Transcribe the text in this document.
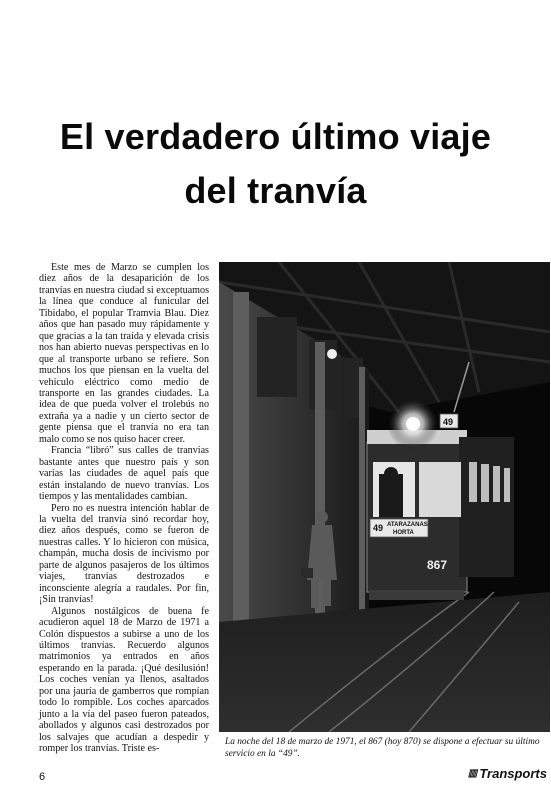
El verdadero último viaje
del tranvía

Este mes de Marzo se cumplen los diez años de la desaparición de los tranvías en nuestra ciudad si exceptuamos la línea que conduce al funicular del Tibidabo, el popular Tramvia Blau. Diez años que han pasado muy rápidamente y que gracias a la tan traída y elevada crisis nos han abierto nuevas perspectivas en lo que al transporte urbano se refiere. Son muchos los que piensan en la vuelta del vehículo eléctrico como medio de transporte en las grandes ciudades. La idea de que pueda volver el trolebús no extraña ya a nadie y un cierto sector de gente piensa que el tranvía no era tan malo como se nos quiso hacer creer.

Francia “libró” sus calles de tranvías bastante antes que nuestro país y son varias las ciudades de aquel país que están instalando de nuevo tranvías. Los tiempos y las mentalidades cambian.

Pero no es nuestra intención hablar de la vuelta del tranvía sinó recordar hoy, diez años después, como se fueron de nuestras calles. Y lo hicieron con música, champán, mucha dosis de incivismo por parte de algunos pasajeros de los últimos viajes, tranvías destrozados e inconsciente alegría a raudales. Por fin, ¡Sin tranvías!

Algunos nostálgicos de buena fe acudieron aquel 18 de Marzo de 1971 a Colón dispuestos a subirse a uno de los últimos tranvías. Recuerdo algunos matrimonios ya entrados en años esperando en la parada. ¡Qué desilusión! Los coches venían ya llenos, asaltados por una jauría de gamberros que rompían todo lo rompible. Los coches aparcados junto a la vía del paseo fueron pateados, abollados y algunos casi destrozados por los salvajes que acudían a despedir y romper los tranvías. Triste es-

49 ATARAZANAS
HORTA
867
49
La noche del 18 de marzo de 1971, el 867 (hoy 870) se dispone a efectuar su último servicio en la “49”.
6	▥ Transports
